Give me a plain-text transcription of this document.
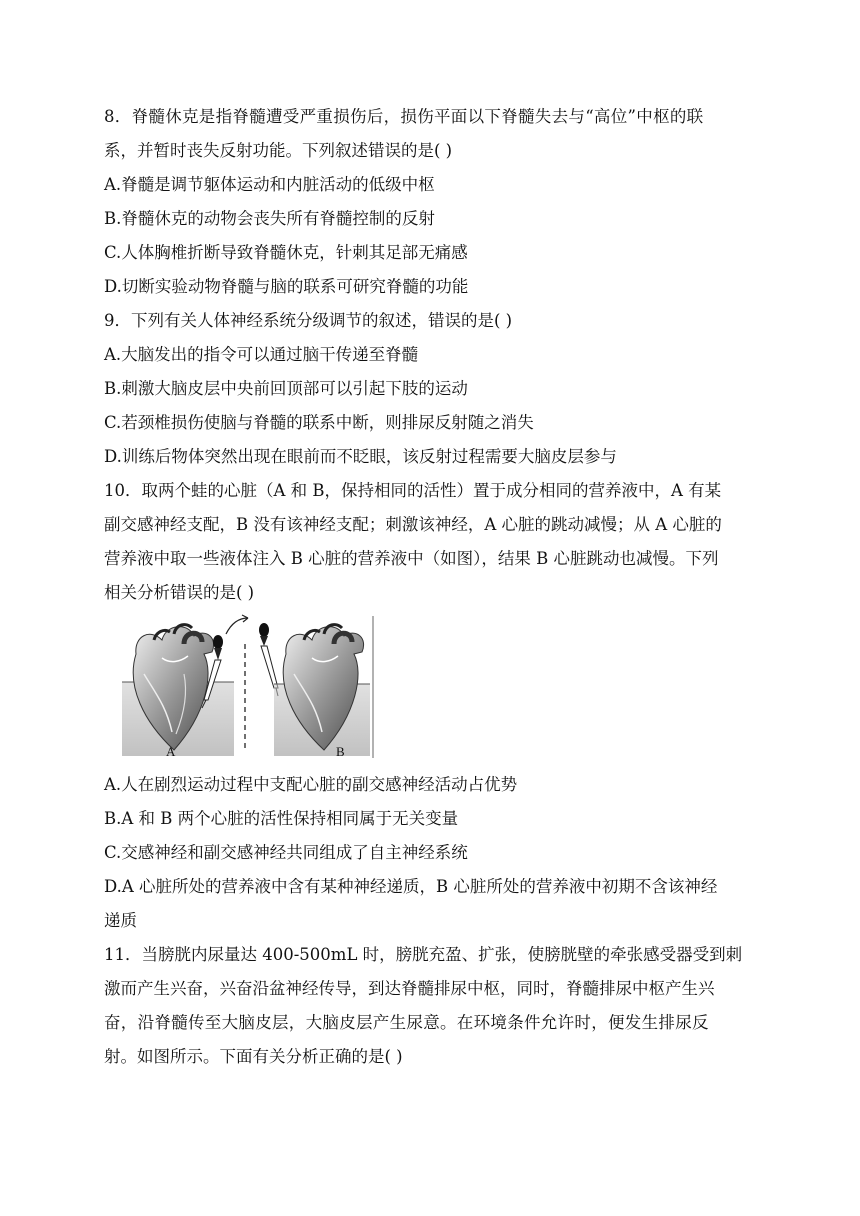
8．脊髓休克是指脊髓遭受严重损伤后，损伤平面以下脊髓失去与“高位”中枢的联
系，并暂时丧失反射功能。下列叙述错误的是( )
A.脊髓是调节躯体运动和内脏活动的低级中枢
B.脊髓休克的动物会丧失所有脊髓控制的反射
C.人体胸椎折断导致脊髓休克，针刺其足部无痛感
D.切断实验动物脊髓与脑的联系可研究脊髓的功能
9．下列有关人体神经系统分级调节的叙述，错误的是( )
A.大脑发出的指令可以通过脑干传递至脊髓
B.刺激大脑皮层中央前回顶部可以引起下肢的运动
C.若颈椎损伤使脑与脊髓的联系中断，则排尿反射随之消失
D.训练后物体突然出现在眼前而不眨眼，该反射过程需要大脑皮层参与
10．取两个蛙的心脏（A 和 B，保持相同的活性）置于成分相同的营养液中，A 有某
副交感神经支配，B 没有该神经支配；刺激该神经，A 心脏的跳动减慢；从 A 心脏的
营养液中取一些液体注入 B 心脏的营养液中（如图），结果 B 心脏跳动也减慢。下列
相关分析错误的是( )
A	B
A.人在剧烈运动过程中支配心脏的副交感神经活动占优势
B.A 和 B 两个心脏的活性保持相同属于无关变量
C.交感神经和副交感神经共同组成了自主神经系统
D.A 心脏所处的营养液中含有某种神经递质，B 心脏所处的营养液中初期不含该神经
递质
11．当膀胱内尿量达 400-500mL 时，膀胱充盈、扩张，使膀胱壁的牵张感受器受到刺
激而产生兴奋，兴奋沿盆神经传导，到达脊髓排尿中枢，同时，脊髓排尿中枢产生兴
奋，沿脊髓传至大脑皮层，大脑皮层产生尿意。在环境条件允许时，便发生排尿反
射。如图所示。下面有关分析正确的是( )
